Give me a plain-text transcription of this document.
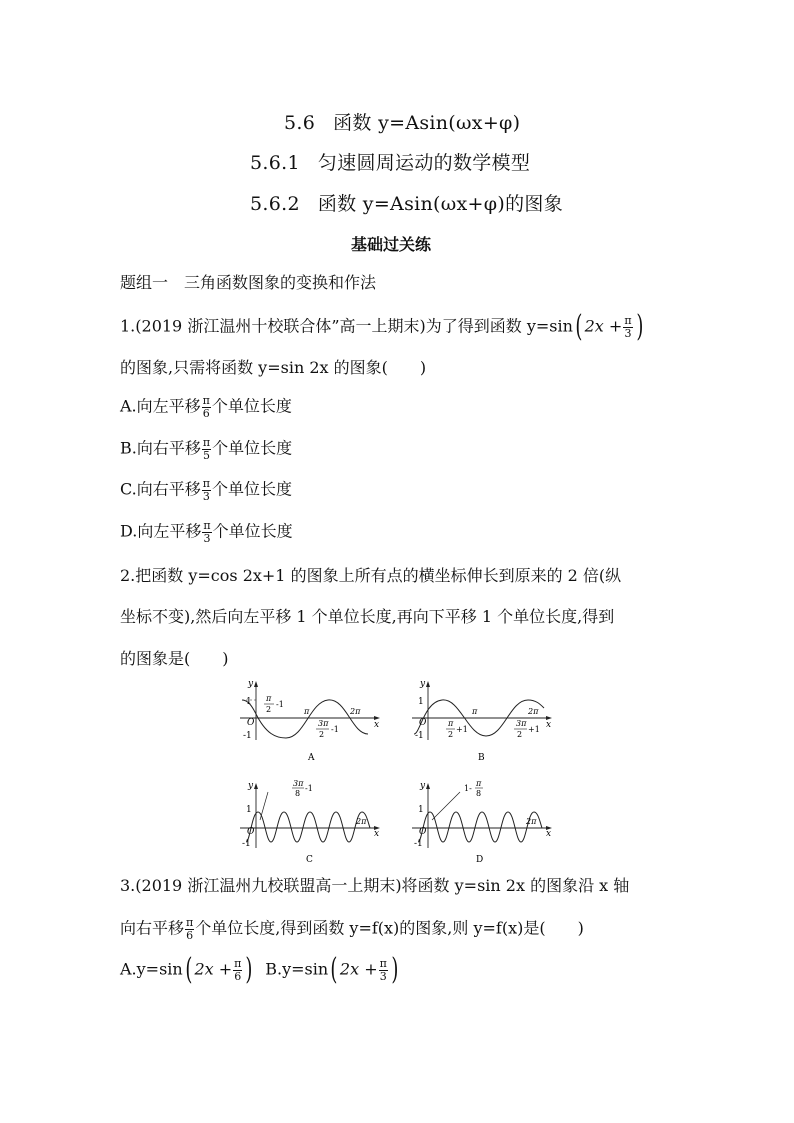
5.6 函数 y=Asin(ωx+φ)
5.6.1 匀速圆周运动的数学模型
5.6.2 函数 y=Asin(ωx+φ)的图象
基础过关练
题组一　三角函数图象的变换和作法
1.(2019 浙江温州十校联合体”高一上期末)为了得到函数 y=sin( $2x + \frac{\pi}{3}$ )
的图象,只需将函数 y=sin 2x 的图象(　　)
A.向左平移 $\frac{\pi}{6}$ 个单位长度
B.向右平移 $\frac{\pi}{5}$ 个单位长度
C.向右平移 $\frac{\pi}{3}$ 个单位长度
D.向左平移 $\frac{\pi}{3}$ 个单位长度
2.把函数 y=cos 2x+1 的图象上所有点的横坐标伸长到原来的 2 倍(纵
坐标不变),然后向左平移 1 个单位长度,再向下平移 1 个单位长度,得到
的图象是(　　)
y
1
O
-1
π
2
-1
π	2π
3π
2
-1	x
A
y
1
O
-1
π	2π
π
2
+1
3π
2
+1 x
B
y
1
O
-1
3π
8
-1
2π
x
C
y
1
O
-1
1-
π
8
2π
x
D
3.(2019 浙江温州九校联盟高一上期末)将函数 y=sin 2x 的图象沿 x 轴
向右平移 $\frac{\pi}{6}$ 个单位长度,得到函数 y=f(x)的图象,则 y=f(x)是(　　)
A.y=sin( $2x + \frac{\pi}{6}$ ) B.y=sin( $2x + \frac{\pi}{3}$ )
